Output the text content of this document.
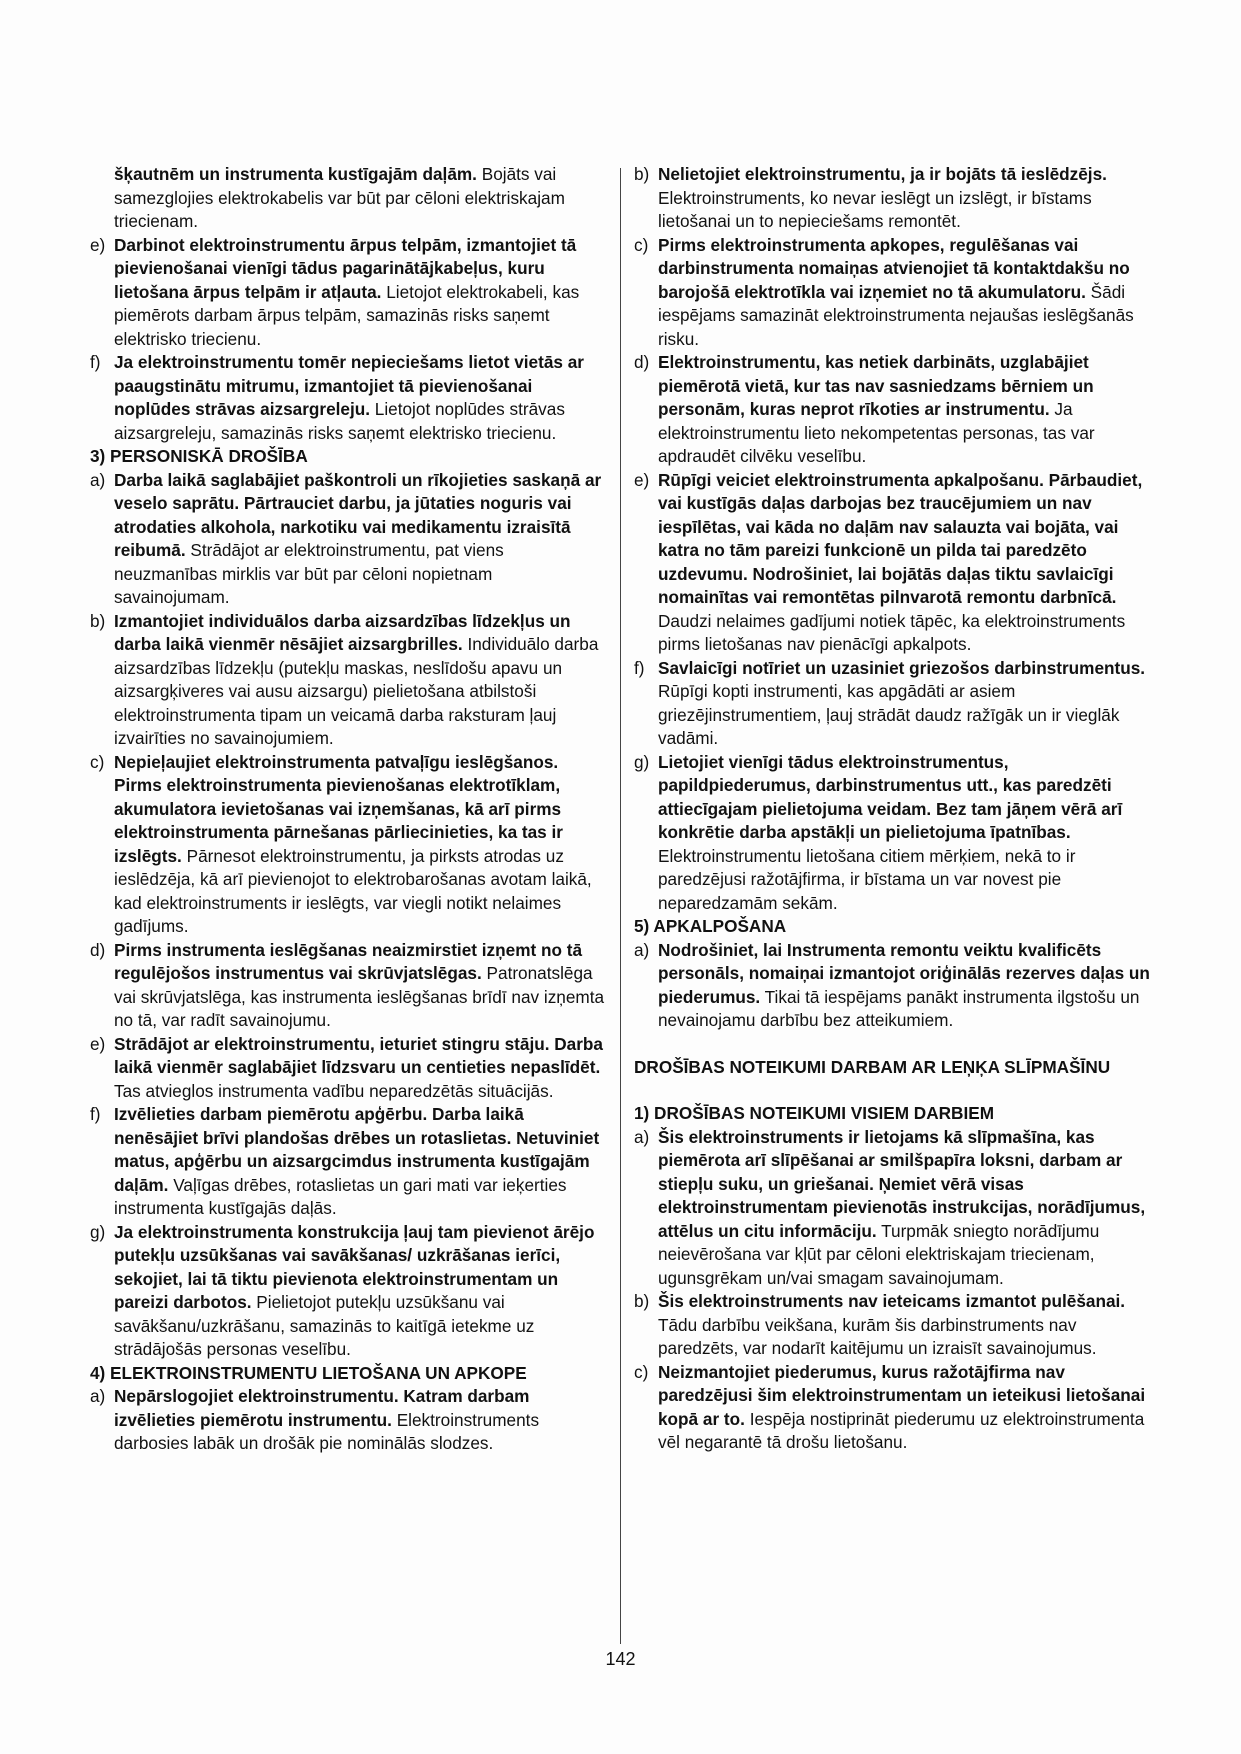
šķautnēm un instrumenta kustīgajām daļām. Bojāts vai samezglojies elektrokabelis var būt par cēloni elektriskajam triecienam.

e) Darbinot elektroinstrumentu ārpus telpām, izmantojiet tā pievienošanai vienīgi tādus pagarinātājkabeļus, kuru lietošana ārpus telpām ir atļauta. Lietojot elektrokabeli, kas piemērots darbam ārpus telpām, samazinās risks saņemt elektrisko triecienu.

f) Ja elektroinstrumentu tomēr nepieciešams lietot vietās ar paaugstinātu mitrumu, izmantojiet tā pievienošanai noplūdes strāvas aizsargreleju. Lietojot noplūdes strāvas aizsargreleju, samazinās risks saņemt elektrisko triecienu.

3) PERSONISKĀ DROŠĪBA

a) Darba laikā saglabājiet paškontroli un rīkojieties saskaņā ar veselo saprātu. Pārtrauciet darbu, ja jūtaties noguris vai atrodaties alkohola, narkotiku vai medikamentu izraisītā reibumā. Strādājot ar elektroinstrumentu, pat viens neuzmanības mirklis var būt par cēloni nopietnam savainojumam.

b) Izmantojiet individuālos darba aizsardzības līdzekļus un darba laikā vienmēr nēsājiet aizsargbrilles. Individuālo darba aizsardzības līdzekļu (putekļu maskas, neslīdošu apavu un aizsargķiveres vai ausu aizsargu) pielietošana atbilstoši elektroinstrumenta tipam un veicamā darba raksturam ļauj izvairīties no savainojumiem.

c) Nepieļaujiet elektroinstrumenta patvaļīgu ieslēgšanos. Pirms elektroinstrumenta pievienošanas elektrotīklam, akumulatora ievietošanas vai izņemšanas, kā arī pirms elektroinstrumenta pārnešanas pārliecinieties, ka tas ir izslēgts. Pārnesot elektroinstrumentu, ja pirksts atrodas uz ieslēdzēja, kā arī pievienojot to elektrobarošanas avotam laikā, kad elektroinstruments ir ieslēgts, var viegli notikt nelaimes gadījums.

d) Pirms instrumenta ieslēgšanas neaizmirstiet izņemt no tā regulējošos instrumentus vai skrūvjatslēgas. Patronatslēga vai skrūvjatslēga, kas instrumenta ieslēgšanas brīdī nav izņemta no tā, var radīt savainojumu.

e) Strādājot ar elektroinstrumentu, ieturiet stingru stāju. Darba laikā vienmēr saglabājiet līdzsvaru un centieties nepaslīdēt. Tas atvieglos instrumenta vadību neparedzētās situācijās.

f) Izvēlieties darbam piemērotu apģērbu. Darba laikā nenēsājiet brīvi plandošas drēbes un rotaslietas. Netuviniet matus, apģērbu un aizsargcimdus instrumenta kustīgajām daļām. Vaļīgas drēbes, rotaslietas un gari mati var ieķerties instrumenta kustīgajās daļās.

g) Ja elektroinstrumenta konstrukcija ļauj tam pievienot ārējo putekļu uzsūkšanas vai savākšanas/ uzkrāšanas ierīci, sekojiet, lai tā tiktu pievienota elektroinstrumentam un pareizi darbotos. Pielietojot putekļu uzsūkšanu vai savākšanu/uzkrāšanu, samazinās to kaitīgā ietekme uz strādājošās personas veselību.

4) ELEKTROINSTRUMENTU LIETOŠANA UN APKOPE

a) Nepārslogojiet elektroinstrumentu. Katram darbam izvēlieties piemērotu instrumentu. Elektroinstruments darbosies labāk un drošāk pie nominālās slodzes.

b) Nelietojiet elektroinstrumentu, ja ir bojāts tā ieslēdzējs. Elektroinstruments, ko nevar ieslēgt un izslēgt, ir bīstams lietošanai un to nepieciešams remontēt.

c) Pirms elektroinstrumenta apkopes, regulēšanas vai darbinstrumenta nomaiņas atvienojiet tā kontaktdakšu no barojošā elektrotīkla vai izņemiet no tā akumulatoru. Šādi iespējams samazināt elektroinstrumenta nejaušas ieslēgšanās risku.

d) Elektroinstrumentu, kas netiek darbināts, uzglabājiet piemērotā vietā, kur tas nav sasniedzams bērniem un personām, kuras neprot rīkoties ar instrumentu. Ja elektroinstrumentu lieto nekompetentas personas, tas var apdraudēt cilvēku veselību.

e) Rūpīgi veiciet elektroinstrumenta apkalpošanu. Pārbaudiet, vai kustīgās daļas darbojas bez traucējumiem un nav iespīlētas, vai kāda no daļām nav salauzta vai bojāta, vai katra no tām pareizi funkcionē un pilda tai paredzēto uzdevumu. Nodrošiniet, lai bojātās daļas tiktu savlaicīgi nomainītas vai remontētas pilnvarotā remontu darbnīcā. Daudzi nelaimes gadījumi notiek tāpēc, ka elektroinstruments pirms lietošanas nav pienācīgi apkalpots.

f) Savlaicīgi notīriet un uzasiniet griezošos darbinstrumentus. Rūpīgi kopti instrumenti, kas apgādāti ar asiem griezējinstrumentiem, ļauj strādāt daudz ražīgāk un ir vieglāk vadāmi.

g) Lietojiet vienīgi tādus elektroinstrumentus, papildpiederumus, darbinstrumentus utt., kas paredzēti attiecīgajam pielietojuma veidam. Bez tam jāņem vērā arī konkrētie darba apstākļi un pielietojuma īpatnības. Elektroinstrumentu lietošana citiem mērķiem, nekā to ir paredzējusi ražotājfirma, ir bīstama un var novest pie neparedzamām sekām.

5) APKALPOŠANA

a) Nodrošiniet, lai Instrumenta remontu veiktu kvalificēts personāls, nomaiņai izmantojot oriģinālās rezerves daļas un piederumus. Tikai tā iespējams panākt instrumenta ilgstošu un nevainojamu darbību bez atteikumiem.

DROŠĪBAS NOTEIKUMI DARBAM AR LEŅĶA SLĪPMAŠĪNU

1) DROŠĪBAS NOTEIKUMI VISIEM DARBIEM

a) Šis elektroinstruments ir lietojams kā slīpmašīna, kas piemērota arī slīpēšanai ar smilšpapīra loksni, darbam ar stiepļu suku, un griešanai. Ņemiet vērā visas elektroinstrumentam pievienotās instrukcijas, norādījumus, attēlus un citu informāciju. Turpmāk sniegto norādījumu neievērošana var kļūt par cēloni elektriskajam triecienam, ugunsgrēkam un/vai smagam savainojumam.

b) Šis elektroinstruments nav ieteicams izmantot pulēšanai. Tādu darbību veikšana, kurām šis darbinstruments nav paredzēts, var nodarīt kaitējumu un izraisīt savainojumus.

c) Neizmantojiet piederumus, kurus ražotājfirma nav paredzējusi šim elektroinstrumentam un ieteikusi lietošanai kopā ar to. Iespēja nostiprināt piederumu uz elektroinstrumenta vēl negarantē tā drošu lietošanu.

142
